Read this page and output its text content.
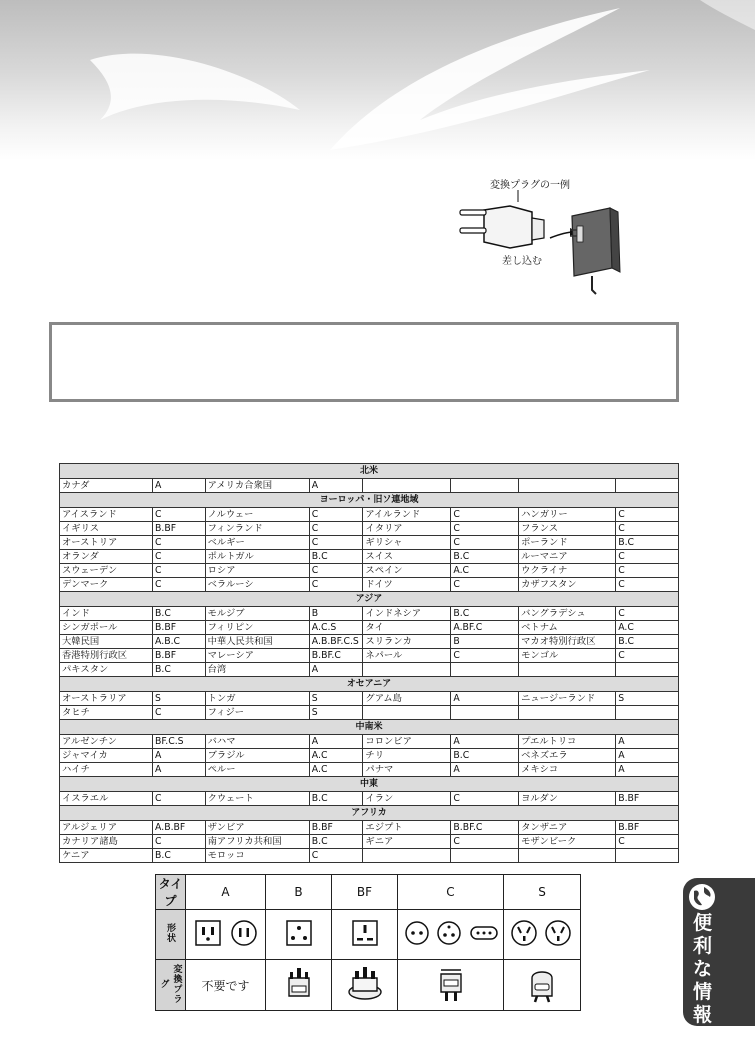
変換プラグの一例
差し込む
北米							
カナダ	A	アメリカ合衆国	A				
ヨーロッパ・旧ソ連地域							
アイスランド	C	ノルウェー	C	アイルランド	C	ハンガリー	C
イギリス	B.BF	フィンランド	C	イタリア	C	フランス	C
オーストリア	C	ベルギー	C	ギリシャ	C	ポーランド	B.C
オランダ	C	ポルトガル	B.C	スイス	B.C	ルーマニア	C
スウェーデン	C	ロシア	C	スペイン	A.C	ウクライナ	C
デンマーク	C	ベラルーシ	C	ドイツ	C	カザフスタン	C
アジア							
インド	B.C	モルジブ	B	インドネシア	B.C	バングラデシュ	C
シンガポール	B.BF	フィリピン	A.C.S	タイ	A.BF.C	ベトナム	A.C
大韓民国	A.B.C	中華人民共和国	A.B.BF.C.S	スリランカ	B	マカオ特別行政区	B.C
香港特別行政区	B.BF	マレーシア	B.BF.C	ネパール	C	モンゴル	C
パキスタン	B.C	台湾	A				
オセアニア							
オーストラリア	S	トンガ	S	グアム島	A	ニュージーランド	S
タヒチ	C	フィジー	S				
中南米							
アルゼンチン	BF.C.S	バハマ	A	コロンビア	A	プエルトリコ	A
ジャマイカ	A	ブラジル	A.C	チリ	B.C	ベネズエラ	A
ハイチ	A	ペルー	A.C	パナマ	A	メキシコ	A
中東							
イスラエル	C	クウェート	B.C	イラン	C	ヨルダン	B.BF
アフリカ							
アルジェリア	A.B.BF	ザンビア	B.BF	エジプト	B.BF.C	タンザニア	B.BF
カナリア諸島	C	南アフリカ共和国	B.C	ギニア	C	モザンビーク	C
ケニア	B.C	モロッコ	C				
タイプ	A	B	BF	C	S
形状					
変換プラグ	不要です				
便
利
な
情
報
